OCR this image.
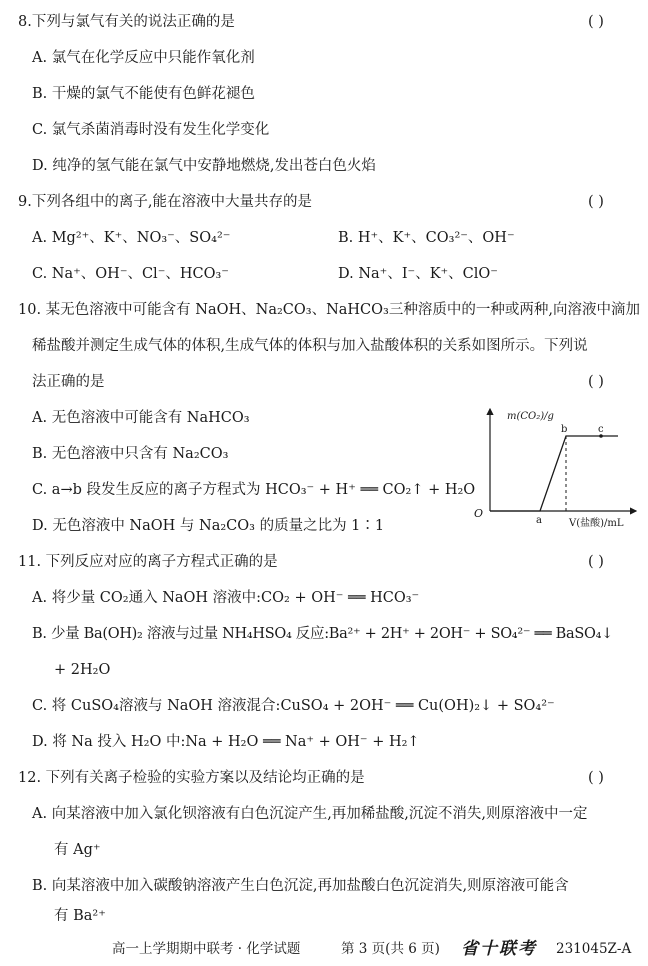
8.下列与氯气有关的说法正确的是	( )
A. 氯气在化学反应中只能作氧化剂
B. 干燥的氯气不能使有色鲜花褪色
C. 氯气杀菌消毒时没有发生化学变化
D. 纯净的氢气能在氯气中安静地燃烧,发出苍白色火焰
9.下列各组中的离子,能在溶液中大量共存的是	( )
A. Mg²⁺、K⁺、NO₃⁻、SO₄²⁻	B. H⁺、K⁺、CO₃²⁻、OH⁻
C. Na⁺、OH⁻、Cl⁻、HCO₃⁻	D. Na⁺、I⁻、K⁺、ClO⁻
10. 某无色溶液中可能含有 NaOH、Na₂CO₃、NaHCO₃三种溶质中的一种或两种,向溶液中滴加
稀盐酸并测定生成气体的体积,生成气体的体积与加入盐酸体积的关系如图所示。下列说
法正确的是	( )
A. 无色溶液中可能含有 NaHCO₃
B. 无色溶液中只含有 Na₂CO₃
C. a→b 段发生反应的离子方程式为 HCO₃⁻ + H⁺ ══ CO₂↑ + H₂O
D. 无色溶液中 NaOH 与 Na₂CO₃ 的质量之比为 1∶1
m(CO₂)/g
V(盐酸)/mL
O
a
b	c
11. 下列反应对应的离子方程式正确的是	( )
A. 将少量 CO₂通入 NaOH 溶液中:CO₂ + OH⁻ ══ HCO₃⁻
B. 少量 Ba(OH)₂ 溶液与过量 NH₄HSO₄ 反应:Ba²⁺ + 2H⁺ + 2OH⁻ + SO₄²⁻ ══ BaSO₄↓
+ 2H₂O
C. 将 CuSO₄溶液与 NaOH 溶液混合:CuSO₄ + 2OH⁻ ══ Cu(OH)₂↓ + SO₄²⁻
D. 将 Na 投入 H₂O 中:Na + H₂O ══ Na⁺ + OH⁻ + H₂↑
12. 下列有关离子检验的实验方案以及结论均正确的是	( )
A. 向某溶液中加入氯化钡溶液有白色沉淀产生,再加稀盐酸,沉淀不消失,则原溶液中一定
有 Ag⁺
B. 向某溶液中加入碳酸钠溶液产生白色沉淀,再加盐酸白色沉淀消失,则原溶液可能含
有 Ba²⁺
高一上学期期中联考 · 化学试题	第 3 页(共 6 页) 省十联考 231045Z-A
